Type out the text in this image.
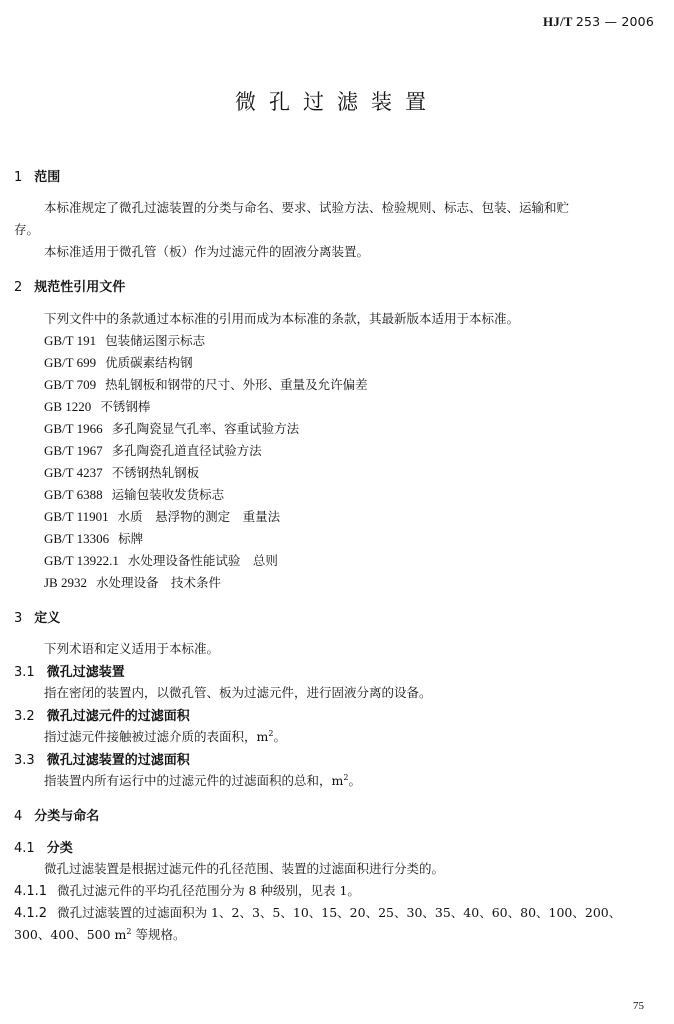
HJ/T 253 — 2006
微孔过滤装置
1 范围
本标准规定了微孔过滤装置的分类与命名、要求、试验方法、检验规则、标志、包装、运输和贮
存。
本标准适用于微孔管（板）作为过滤元件的固液分离装置。
2 规范性引用文件
下列文件中的条款通过本标准的引用而成为本标准的条款，其最新版本适用于本标准。
GB/T 191 包装储运图示标志
GB/T 699 优质碳素结构钢
GB/T 709 热轧钢板和钢带的尺寸、外形、重量及允许偏差
GB 1220 不锈钢棒
GB/T 1966 多孔陶瓷显气孔率、容重试验方法
GB/T 1967 多孔陶瓷孔道直径试验方法
GB/T 4237 不锈钢热轧钢板
GB/T 6388 运输包装收发货标志
GB/T 11901 水质　悬浮物的测定　重量法
GB/T 13306 标牌
GB/T 13922.1 水处理设备性能试验　总则
JB 2932 水处理设备　技术条件
3 定义
下列术语和定义适用于本标准。
3.1 微孔过滤装置
指在密闭的装置内，以微孔管、板为过滤元件，进行固液分离的设备。
3.2 微孔过滤元件的过滤面积
指过滤元件接触被过滤介质的表面积，$m^2$。
3.3 微孔过滤装置的过滤面积
指装置内所有运行中的过滤元件的过滤面积的总和，$m^2$。
4 分类与命名
4.1 分类
微孔过滤装置是根据过滤元件的孔径范围、装置的过滤面积进行分类的。
4.1.1 微孔过滤元件的平均孔径范围分为 8 种级别，见表 1。
4.1.2 微孔过滤装置的过滤面积为 1、2、3、5、10、15、20、25、30、35、40、60、80、100、200、
300、400、500 $m^2$ 等规格。
75
